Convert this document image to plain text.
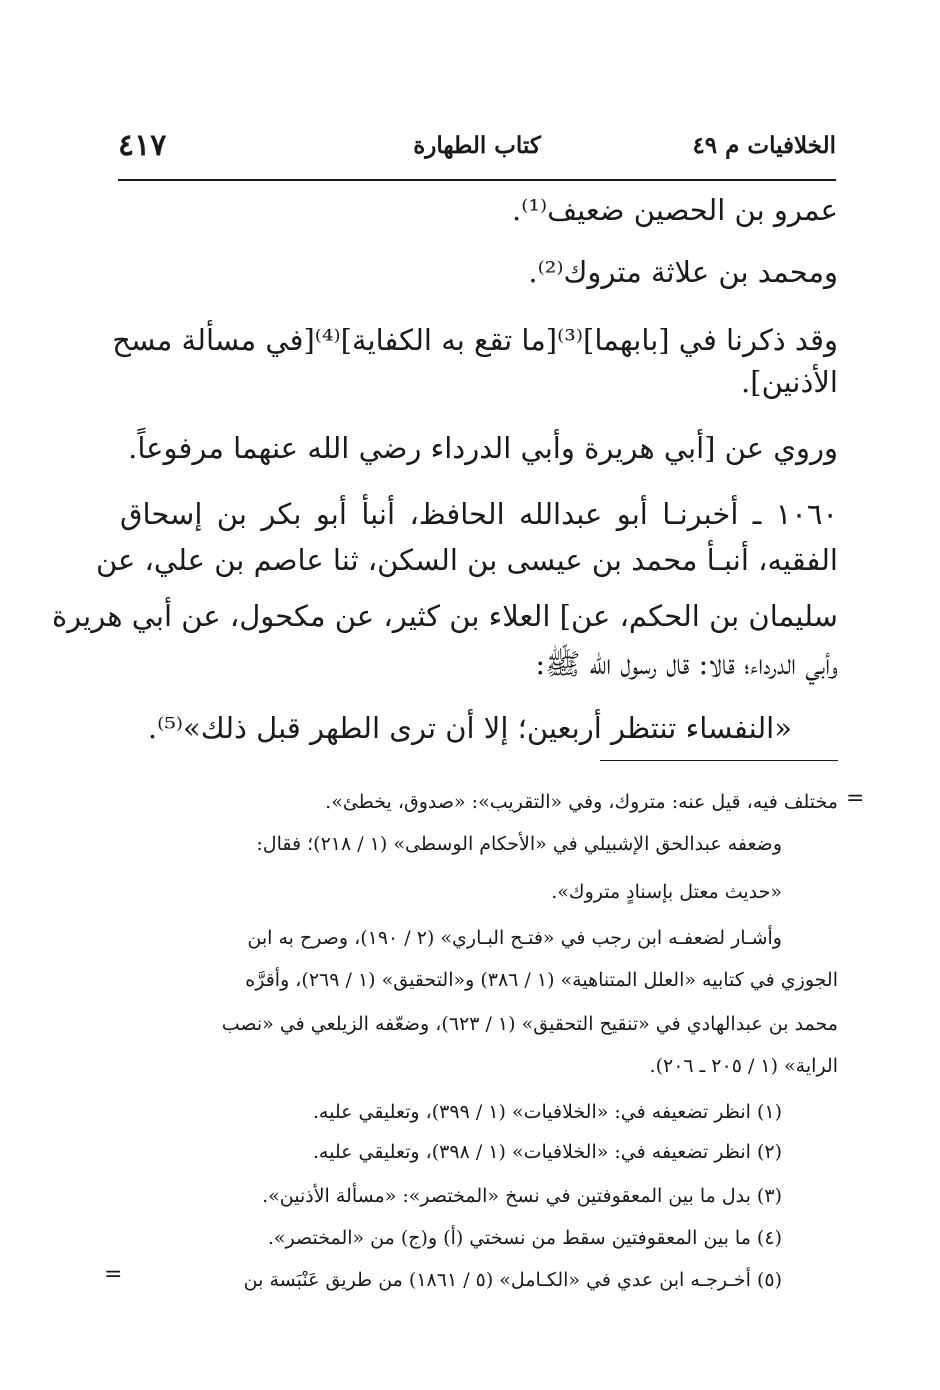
الخلافيات م ٤٩
كتاب الطهارة
٤١٧
عمرو بن الحصين ضعيف⁽¹⁾.
ومحمد بن علاثة متروك⁽²⁾.
وقد ذكرنا في [بابهما]⁽³⁾[ما تقع به الكفاية]⁽⁴⁾[في مسألة مسح
الأذنين].
وروي عن [أبي هريرة وأبي الدرداء رضي الله عنهما مرفوعاً.
١٠٦٠ ـ أخبرنـا أبو عبدالله الحافظ، أنبأ أبو بكر بن إسحاق
الفقيه، أنبـأ محمد بن عيسى بن السكن، ثنا عاصم بن علي، عن
سليمان بن الحكم، عن] العلاء بن كثير، عن مكحول، عن أبي هريرة
وأبي الدرداء؛ قالا: قال رسول الله ﷺ:
«النفساء تنتظر أربعين؛ إلا أن ترى الطهر قبل ذلك»⁽⁵⁾.
=
مختلف فيه، قيل عنه: متروك، وفي «التقريب»: «صدوق، يخطئ».
وضعفه عبدالحق الإشبيلي في «الأحكام الوسطى» (١ / ٢١٨)؛ فقال:
«حديث معتل بإسنادٍ متروك».
وأشـار لضعفـه ابن رجب في «فتـح البـاري» (٢ / ١٩٠)، وصرح به ابن
الجوزي في كتابيه «العلل المتناهية» (١ / ٣٨٦) و«التحقيق» (١ / ٢٦٩)، وأقرَّه
محمد بن عبدالهادي في «تنقيح التحقيق» (١ / ٦٢٣)، وضعّفه الزيلعي في «نصب
الراية» (١ / ٢٠٥ ـ ٢٠٦).
(١) انظر تضعيفه في: «الخلافيات» (١ / ٣٩٩)، وتعليقي عليه.
(٢) انظر تضعيفه في: «الخلافيات» (١ / ٣٩٨)، وتعليقي عليه.
(٣) بدل ما بين المعقوفتين في نسخ «المختصر»: «مسألة الأذنين».
(٤) ما بين المعقوفتين سقط من نسختي (أ) و(ج) من «المختصر».
(٥) أخـرجـه ابن عدي في «الكـامل» (٥ / ١٨٦١) من طريق عَنْبَسة بن
=
